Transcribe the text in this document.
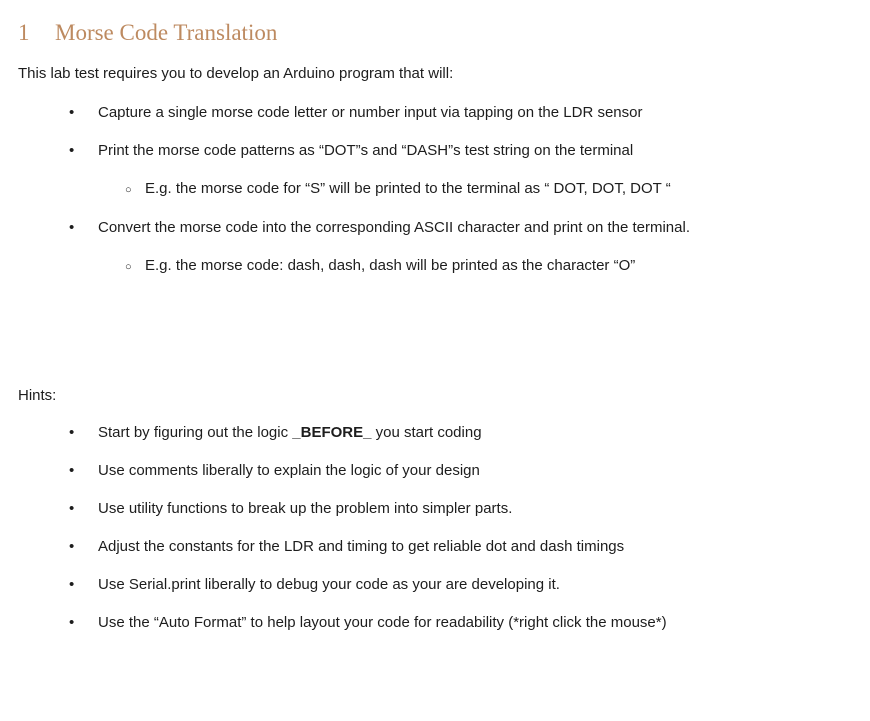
1	Morse Code Translation

This lab test requires you to develop an Arduino program that will:

•	Capture a single morse code letter or number input via tapping on the LDR sensor
•	Print the morse code patterns as “DOT”s and “DASH”s test string on the terminal
○ E.g. the morse code for “S” will be printed to the terminal as “ DOT, DOT, DOT “
•	Convert the morse code into the corresponding ASCII character and print on the terminal.
○ E.g. the morse code: dash, dash, dash will be printed as the character “O”

Hints:

•	Start by figuring out the logic _BEFORE_ you start coding
•	Use comments liberally to explain the logic of your design
•	Use utility functions to break up the problem into simpler parts.
•	Adjust the constants for the LDR and timing to get reliable dot and dash timings
•	Use Serial.print liberally to debug your code as your are developing it.
•	Use the “Auto Format” to help layout your code for readability (*right click the mouse*)
